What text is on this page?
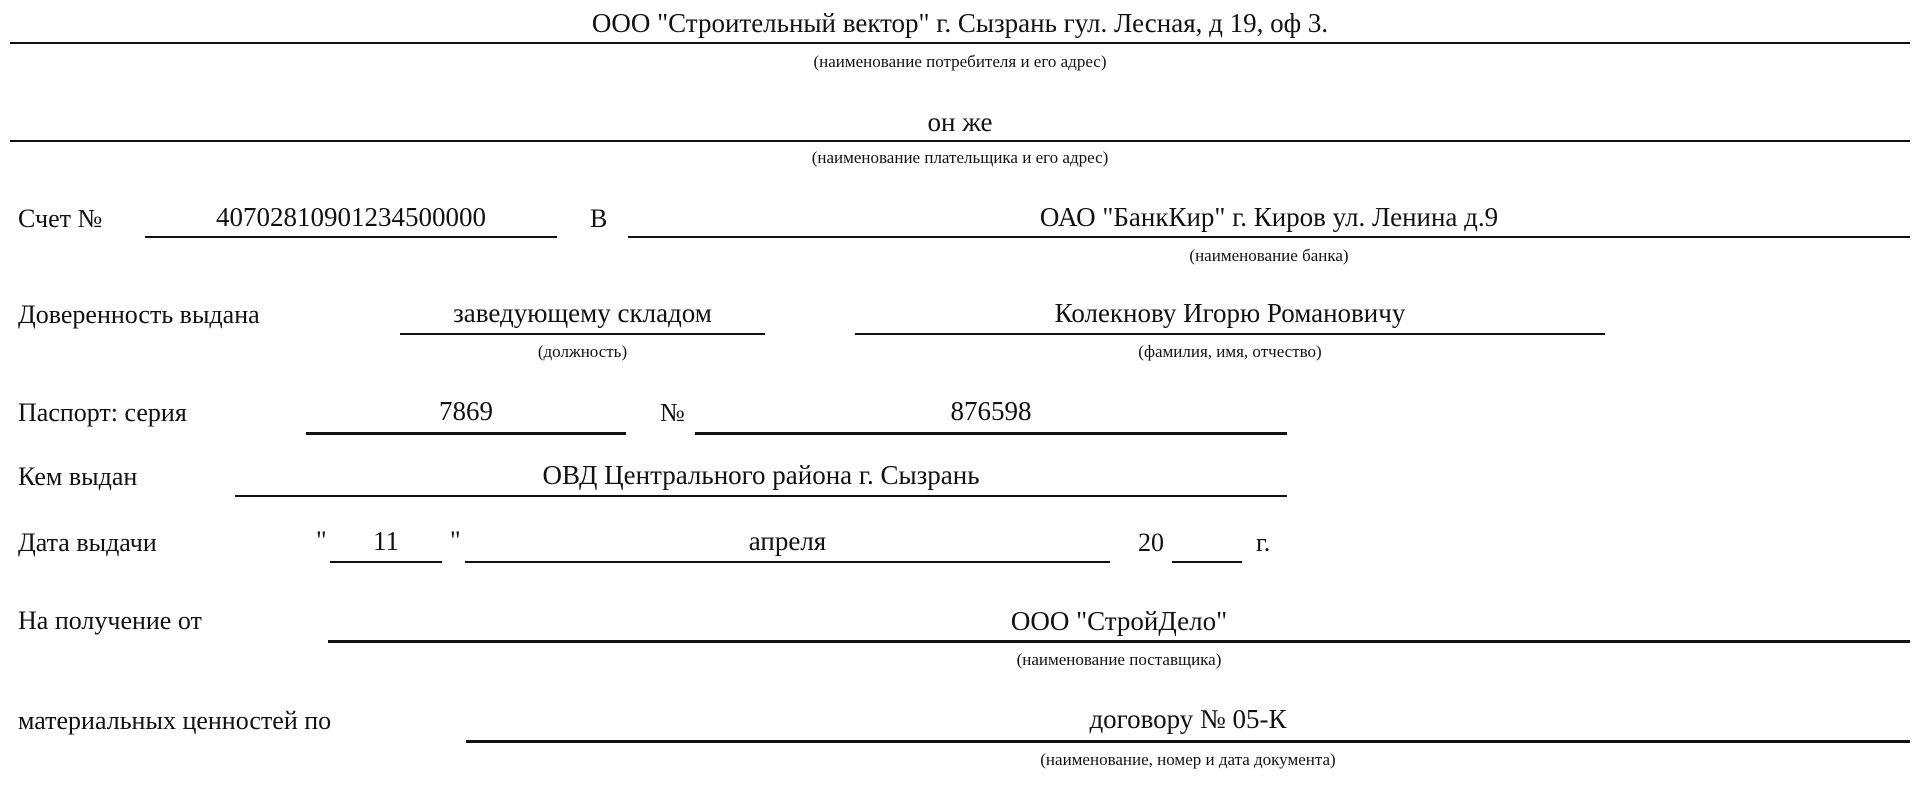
ООО "Строительный вектор" г. Сызрань гул. Лесная, д 19, оф 3.
(наименование потребителя и его адрес)
он же
(наименование плательщика и его адрес)
Счет №	40702810901234500000	В	ОАО "БанкКир" г. Киров ул. Ленина д.9
(наименование банка)
Доверенность выдана	заведующему складом
(должность)
Колекнову Игорю Романовичу
(фамилия, имя, отчество)
Паспорт: серия	7869	№	876598
Кем выдан	ОВД Центрального района г. Сызрань
Дата выдачи	"	11	"	апреля	20	г.
На получение от	ООО "СтройДело"
(наименование поставщика)
материальных ценностей по	договору № 05-К
(наименование, номер и дата документа)
